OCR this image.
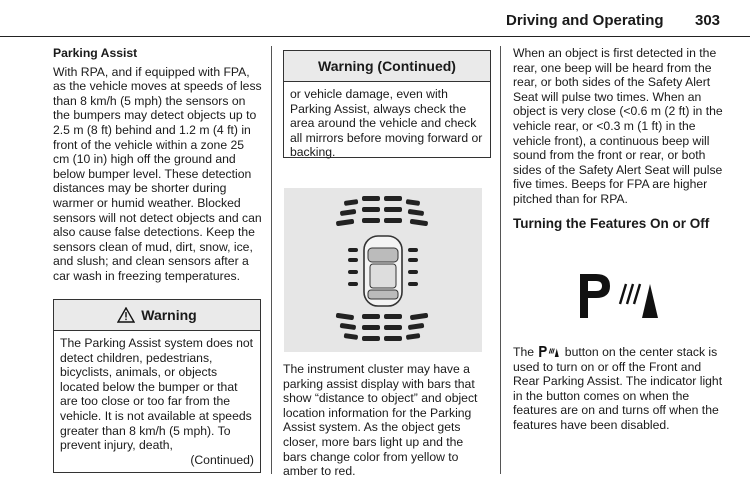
Driving and Operating 303
Parking Assist

With RPA, and if equipped with FPA, as the vehicle moves at speeds of less than 8 km/h (5 mph) the sensors on the bumpers may detect objects up to 2.5 m (8 ft) behind and 1.2 m (4 ft) in front of the vehicle within a zone 25 cm (10 in) high off the ground and below bumper level. These detection distances may be shorter during warmer or humid weather. Blocked sensors will not detect objects and can also cause false detections. Keep the sensors clean of mud, dirt, snow, ice, and slush; and clean sensors after a car wash in freezing temperatures.

Warning

The Parking Assist system does not detect children, pedestrians, bicyclists, animals, or objects located below the bumper or that are too close or too far from the vehicle. It is not available at speeds greater than 8 km/h (5 mph). To prevent injury, death,

(Continued)

Warning (Continued)

or vehicle damage, even with Parking Assist, always check the area around the vehicle and check all mirrors before moving forward or backing.

The instrument cluster may have a parking assist display with bars that show “distance to object” and object location information for the Parking Assist system. As the object gets closer, more bars light up and the bars change color from yellow to amber to red.

When an object is first detected in the rear, one beep will be heard from the rear, or both sides of the Safety Alert Seat will pulse two times. When an object is very close (<0.6 m (2 ft) in the vehicle rear, or <0.3 m (1 ft) in the vehicle front), a continuous beep will sound from the front or rear, or both sides of the Safety Alert Seat will pulse five times. Beeps for FPA are higher pitched than for RPA.

Turning the Features On or Off
The	button on the center stack is used to turn on or off the Front and Rear Parking Assist. The indicator light in the button comes on when the features are on and turns off when the features have been disabled.
